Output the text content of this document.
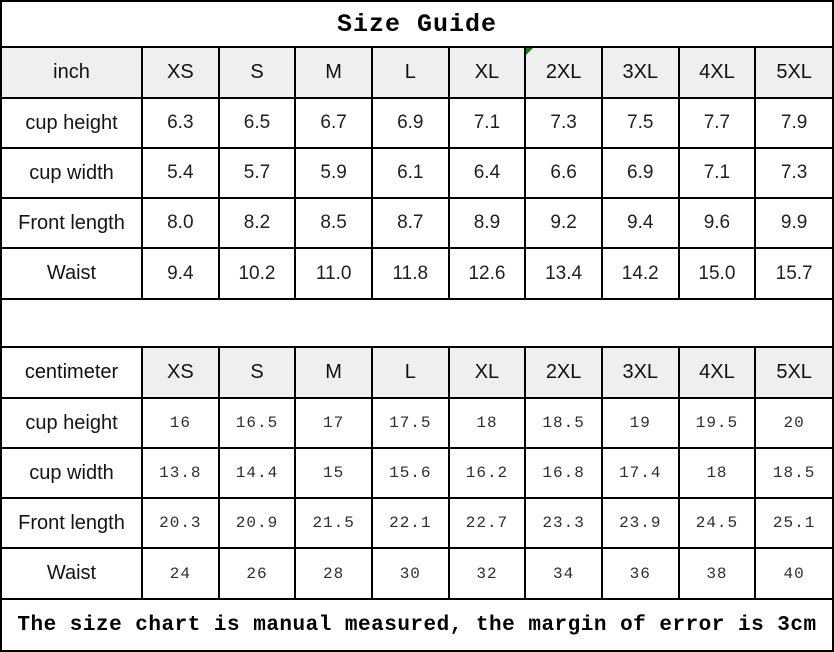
Size Guide
inch	XS	S	M	L	XL	2XL	3XL	4XL	5XL
cup height	6.3	6.5	6.7	6.9	7.1	7.3	7.5	7.7	7.9
cup width	5.4	5.7	5.9	6.1	6.4	6.6	6.9	7.1	7.3
Front length	8.0	8.2	8.5	8.7	8.9	9.2	9.4	9.6	9.9
Waist	9.4	10.2	11.0	11.8	12.6	13.4	14.2	15.0	15.7
centimeter	XS	S	M	L	XL	2XL	3XL	4XL	5XL
cup height	16	16.5	17	17.5	18	18.5	19	19.5	20
cup width	13.8	14.4	15	15.6	16.2	16.8	17.4	18	18.5
Front length	20.3	20.9	21.5	22.1	22.7	23.3	23.9	24.5	25.1
Waist	24	26	28	30	32	34	36	38	40
The size chart is manual measured, the margin of error is 3cm
